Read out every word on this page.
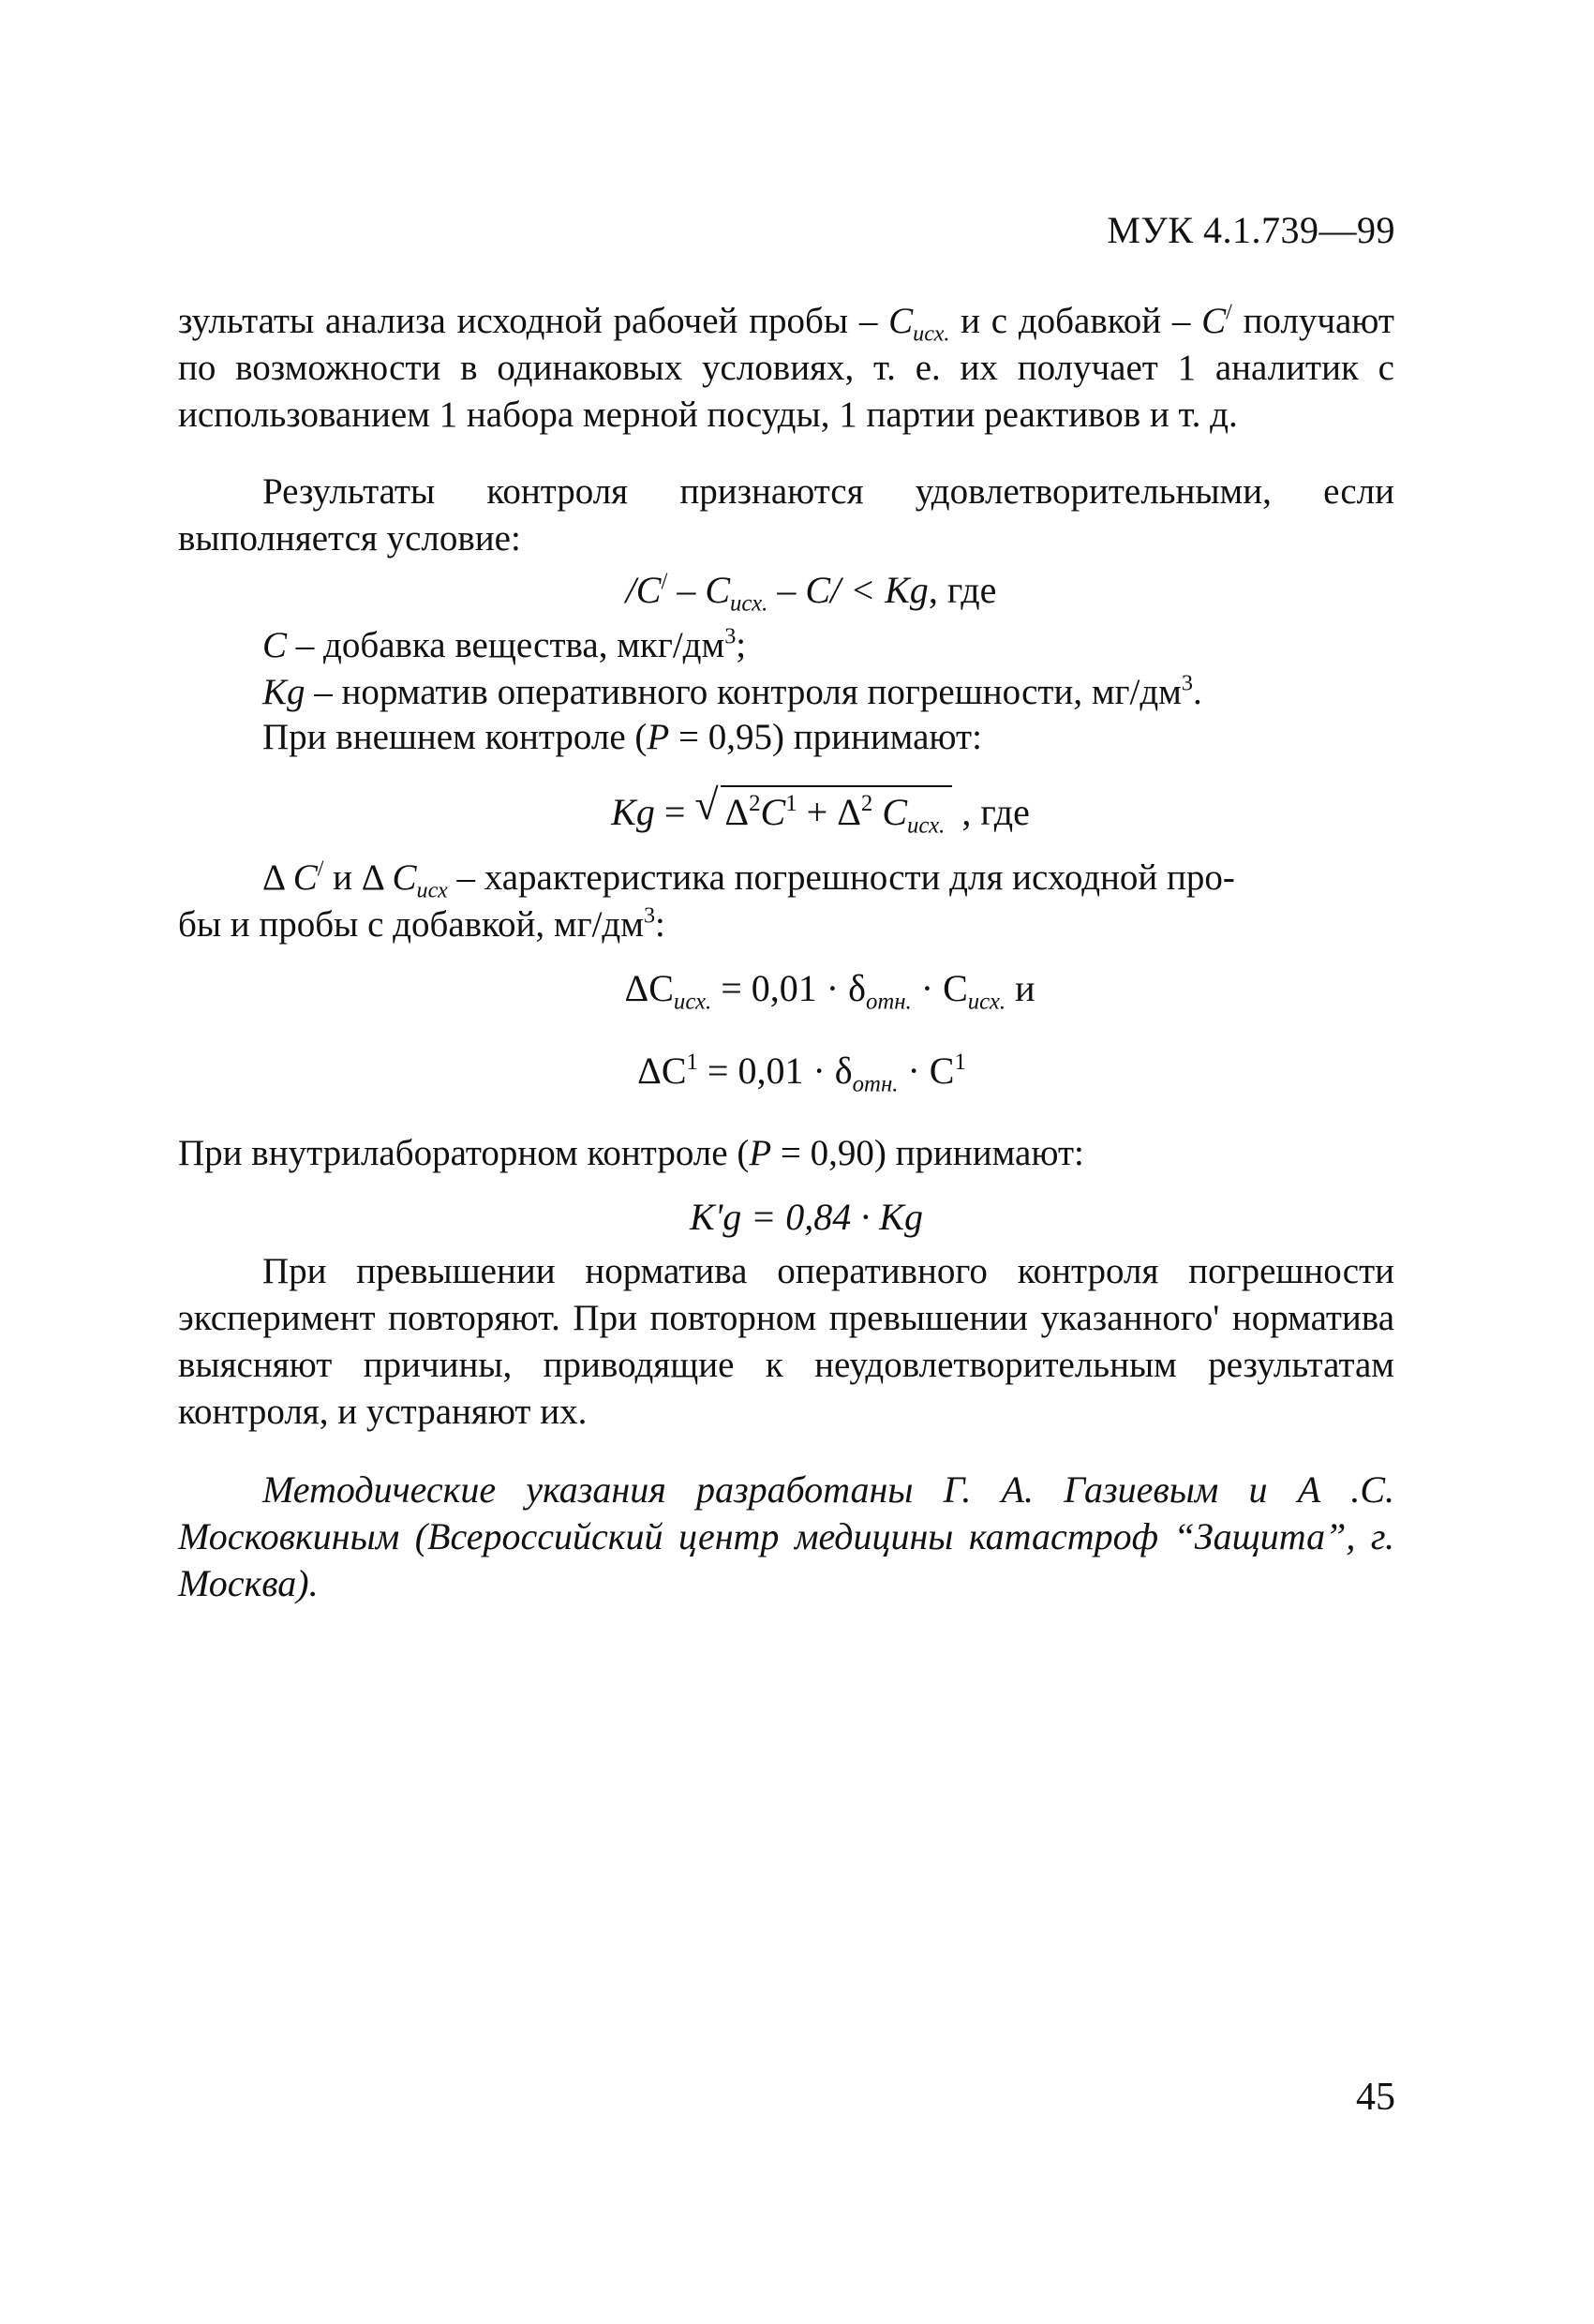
МУК 4.1.739—99
зультаты анализа исходной рабочей пробы – $C_{исх.}$ и с добавкой – C/ получают по возможности в одинаковых условиях, т. е. их получает 1 аналитик с использованием 1 набора мерной посуды, 1 партии реактивов и т. д.
Результаты контроля признаются удовлетворительными, если выполняется условие:
$/C^/ - C_{исх.} - C/ < Kg$, где
C – добавка вещества, мкг/$дм^3$;
Kg – норматив оперативного контроля погрешности, $мг/дм^3$.
При внешнем контроле (P = 0,95) принимают:
Kg = √ $\Delta^2C^1 + \Delta^2$ $C_{исх.}$ , где
Δ C/ и Δ $C_{исх}$ – характеристика погрешности для исходной про-
бы и пробы с добавкой, $мг/дм^3$:
$\Delta C_{исх.} = 0,01 \cdot \delta_{отн.} \cdot C_{исх.}$ и
$\Delta C^1 = 0,01 \cdot \delta_{отн.} \cdot C^1$
При внутрилабораторном контроле (P = 0,90) принимают:
K'g = 0,84 · Kg
При превышении норматива оперативного контроля погрешности эксперимент повторяют. При повторном превышении указанного' норматива выясняют причины, приводящие к неудовлетворительным результатам контроля, и устраняют их.
Методические указания разработаны Г. А. Газиевым и А .С. Московкиным (Всероссийский центр медицины катастроф “Защита”, г. Москва).
45
